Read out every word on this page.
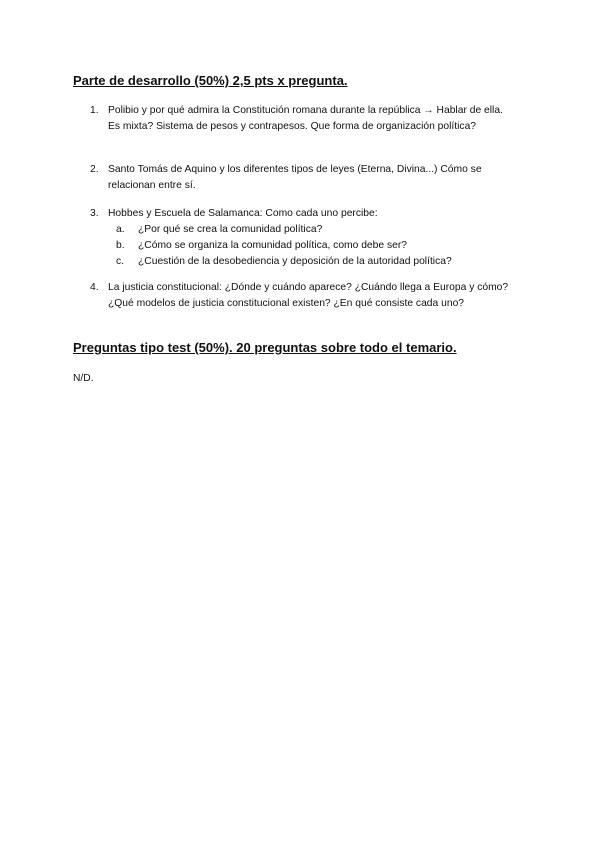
Parte de desarrollo (50%) 2,5 pts x pregunta.
1. Polibio y por qué admira la Constitución romana durante la república → Hablar de ella. Es mixta? Sistema de pesos y contrapesos. Que forma de organización política?
2. Santo Tomás de Aquino y los diferentes tipos de leyes (Eterna, Divina...) Cómo se relacionan entre sí.
3. Hobbes y Escuela de Salamanca: Como cada uno percibe:
a. ¿Por qué se crea la comunidad política?
b. ¿Cómo se organiza la comunidad política, como debe ser?
c. ¿Cuestión de la desobediencia y deposición de la autoridad política?
4. La justicia constitucional: ¿Dónde y cuándo aparece? ¿Cuándo llega a Europa y cómo? ¿Qué modelos de justicia constitucional existen? ¿En qué consiste cada uno?
Preguntas tipo test (50%). 20 preguntas sobre todo el temario.
N/D.
